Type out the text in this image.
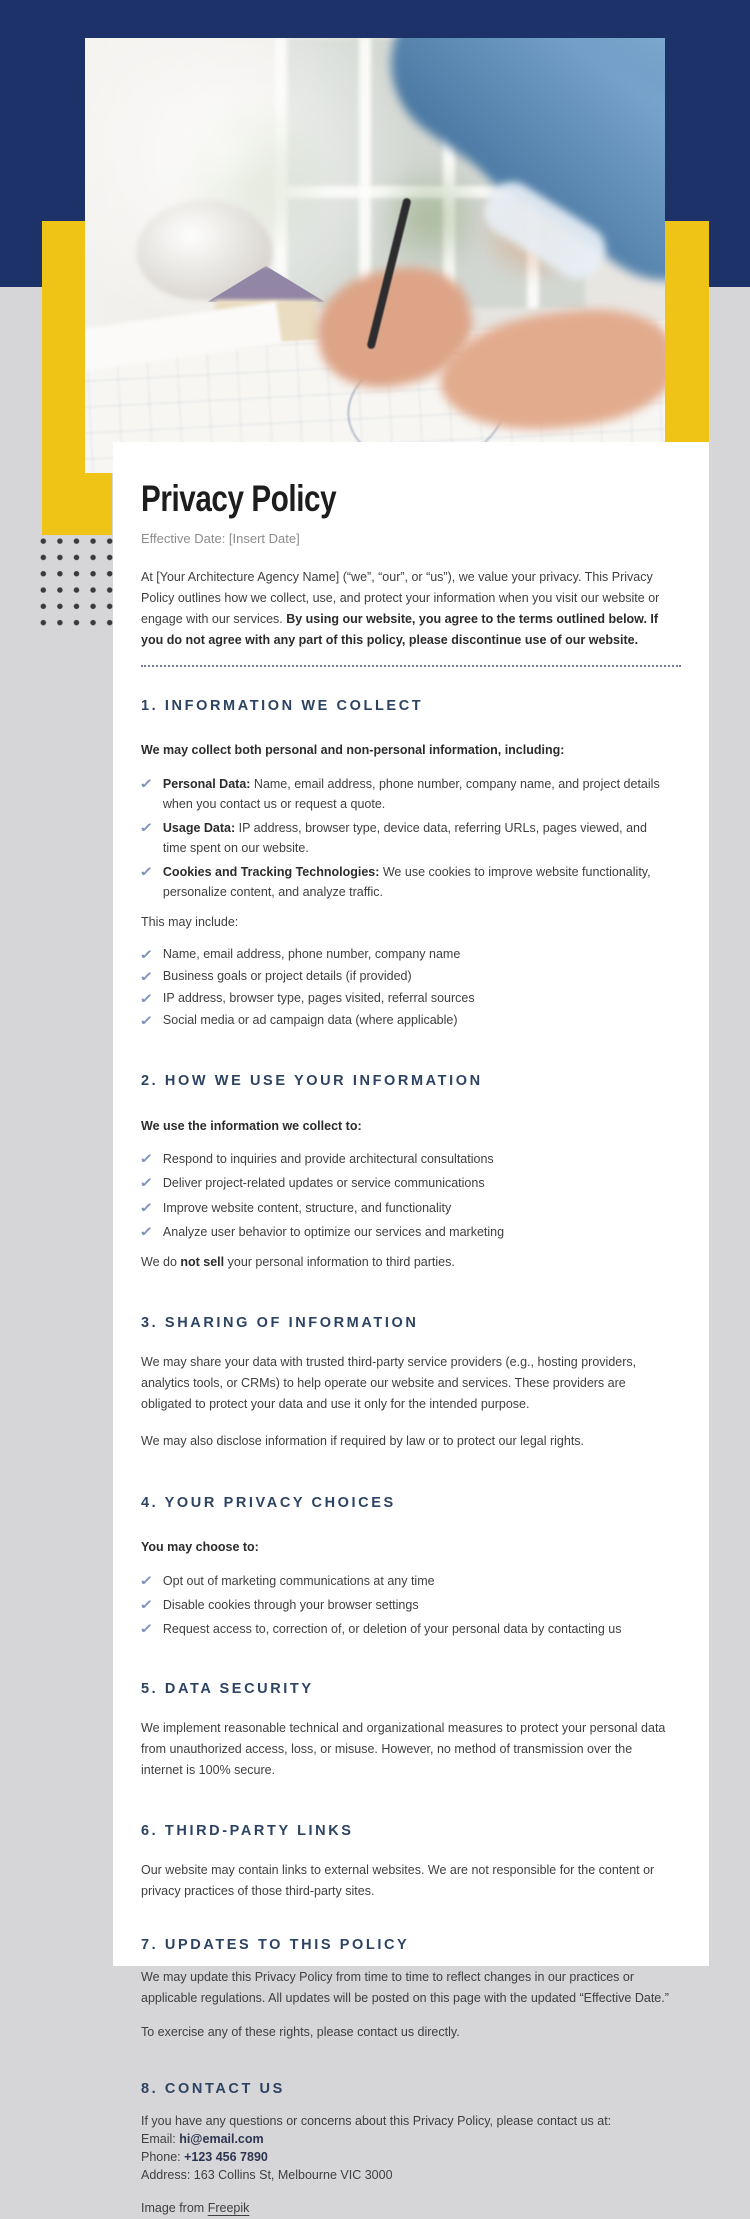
Privacy Policy
Effective Date: [Insert Date]
At [Your Architecture Agency Name] (“we”, “our”, or “us”), we value your privacy. This Privacy Policy outlines how we collect, use, and protect your information when you visit our website or engage with our services. By using our website, you agree to the terms outlined below. If you do not agree with any part of this policy, please discontinue use of our website.
1. INFORMATION WE COLLECT
We may collect both personal and non-personal information, including:
✓ Personal Data: Name, email address, phone number, company name, and project details when you contact us or request a quote.
✓ Usage Data: IP address, browser type, device data, referring URLs, pages viewed, and time spent on our website.
✓ Cookies and Tracking Technologies: We use cookies to improve website functionality, personalize content, and analyze traffic.
This may include:
✓ Name, email address, phone number, company name
✓ Business goals or project details (if provided)
✓ IP address, browser type, pages visited, referral sources
✓ Social media or ad campaign data (where applicable)
2. HOW WE USE YOUR INFORMATION
We use the information we collect to:
✓ Respond to inquiries and provide architectural consultations
✓ Deliver project-related updates or service communications
✓ Improve website content, structure, and functionality
✓ Analyze user behavior to optimize our services and marketing
We do not sell your personal information to third parties.
3. SHARING OF INFORMATION

We may share your data with trusted third-party service providers (e.g., hosting providers, analytics tools, or CRMs) to help operate our website and services. These providers are obligated to protect your data and use it only for the intended purpose.

We may also disclose information if required by law or to protect our legal rights.

4. YOUR PRIVACY CHOICES
You may choose to:
✓ Opt out of marketing communications at any time
✓ Disable cookies through your browser settings
✓ Request access to, correction of, or deletion of your personal data by contacting us
5. DATA SECURITY

We implement reasonable technical and organizational measures to protect your personal data from unauthorized access, loss, or misuse. However, no method of transmission over the internet is 100% secure.

6. THIRD-PARTY LINKS

Our website may contain links to external websites. We are not responsible for the content or privacy practices of those third-party sites.

7. UPDATES TO THIS POLICY

We may update this Privacy Policy from time to time to reflect changes in our practices or applicable regulations. All updates will be posted on this page with the updated “Effective Date.”

To exercise any of these rights, please contact us directly.

8. CONTACT US
If you have any questions or concerns about this Privacy Policy, please contact us at:
Email: hi@email.com
Phone: +123 456 7890
Address: 163 Collins St, Melbourne VIC 3000
Image from Freepik
